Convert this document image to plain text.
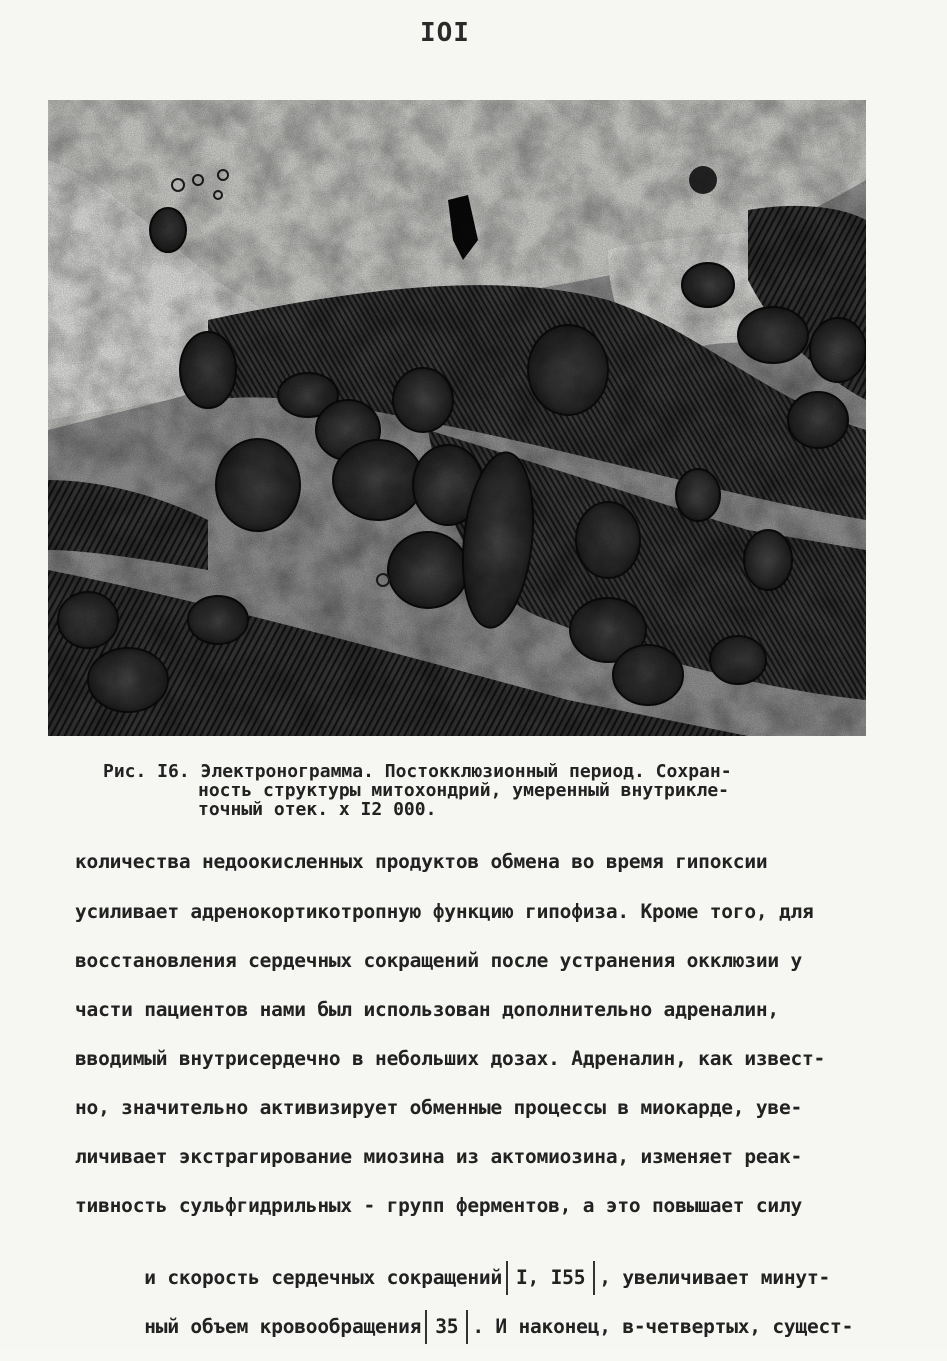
IOI
Рис. I6. Электронограмма. Постокклюзионный период. Сохран-
ность структуры митохондрий, умеренный внутрикле-
точный отек. х I2 000.
количества недоокисленных продуктов обмена во время гипоксии
усиливает адренокортикотропную функцию гипофиза. Кроме того, для
восстановления сердечных сокращений после устранения окклюзии у
части пациентов нами был использован дополнительно адреналин,
вводимый внутрисердечно в небольших дозах. Адреналин, как извест-
но, значительно активизирует обменные процессы в миокарде, уве-
личивает экстрагирование миозина из актомиозина, изменяет реак-
тивность сульфгидрильных - групп ферментов, а это повышает силу

и скорость сердечных сокращений I, I55 , увеличивает минут-

ный объем кровообращения 35 . И наконец, в-четвертых, сущест-
